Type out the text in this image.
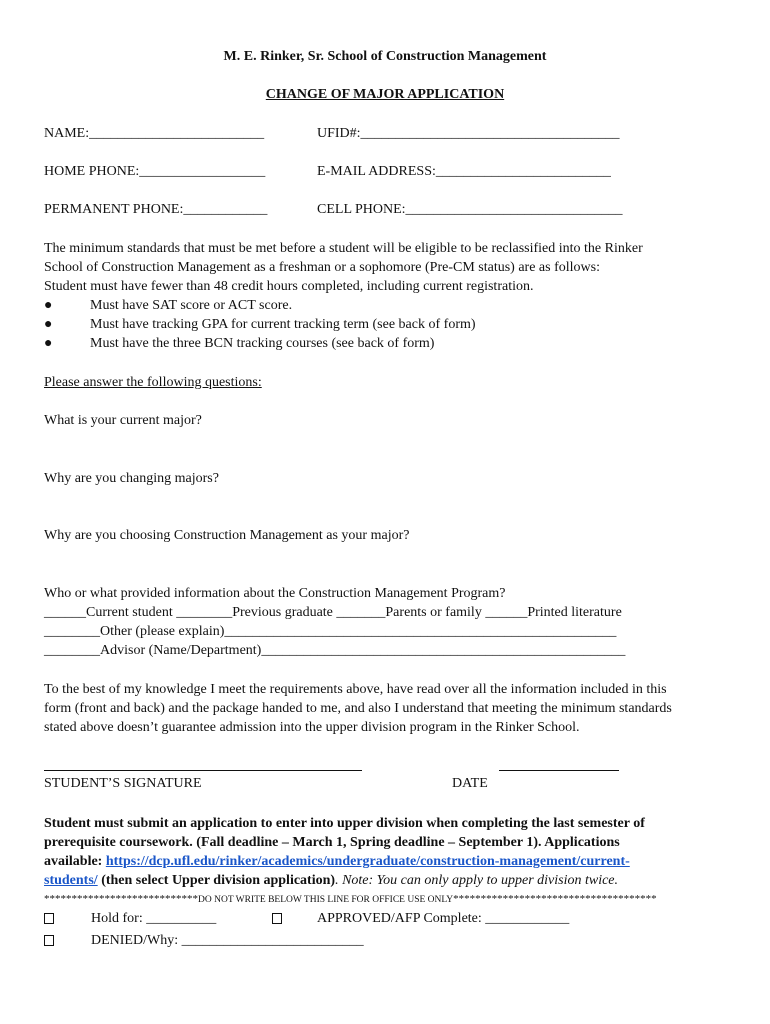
M. E. Rinker, Sr. School of Construction Management
CHANGE OF MAJOR APPLICATION
NAME:_________________________	UFID#:_____________________________________
HOME PHONE:__________________	E-MAIL ADDRESS:_________________________
PERMANENT PHONE:____________	CELL PHONE:_______________________________
The minimum standards that must be met before a student will be eligible to be reclassified into the Rinker
School of Construction Management as a freshman or a sophomore (Pre-CM status) are as follows:
Student must have fewer than 48 credit hours completed, including current registration.
●	Must have SAT score or ACT score.
●	Must have tracking GPA for current tracking term (see back of form)
●	Must have the three BCN tracking courses (see back of form)
Please answer the following questions:
What is your current major?
Why are you changing majors?
Why are you choosing Construction Management as your major?
Who or what provided information about the Construction Management Program?
______Current student ________Previous graduate _______Parents or family ______Printed literature
________Other (please explain)________________________________________________________
________Advisor (Name/Department)____________________________________________________
To the best of my knowledge I meet the requirements above, have read over all the information included in this
form (front and back) and the package handed to me, and also I understand that meeting the minimum standards
stated above doesn’t guarantee admission into the upper division program in the Rinker School.
STUDENT’S SIGNATURE	DATE
Student must submit an application to enter into upper division when completing the last semester of
prerequisite coursework. (Fall deadline – March 1, Spring deadline – September 1). Applications
available: https://dcp.ufl.edu/rinker/academics/undergraduate/construction-management/current-
students/ (then select Upper division application). Note: You can only apply to upper division twice.
****************************DO NOT WRITE BELOW THIS LINE FOR OFFICE USE ONLY*************************************
Hold for: __________	APPROVED/AFP Complete: ____________
DENIED/Why: __________________________
